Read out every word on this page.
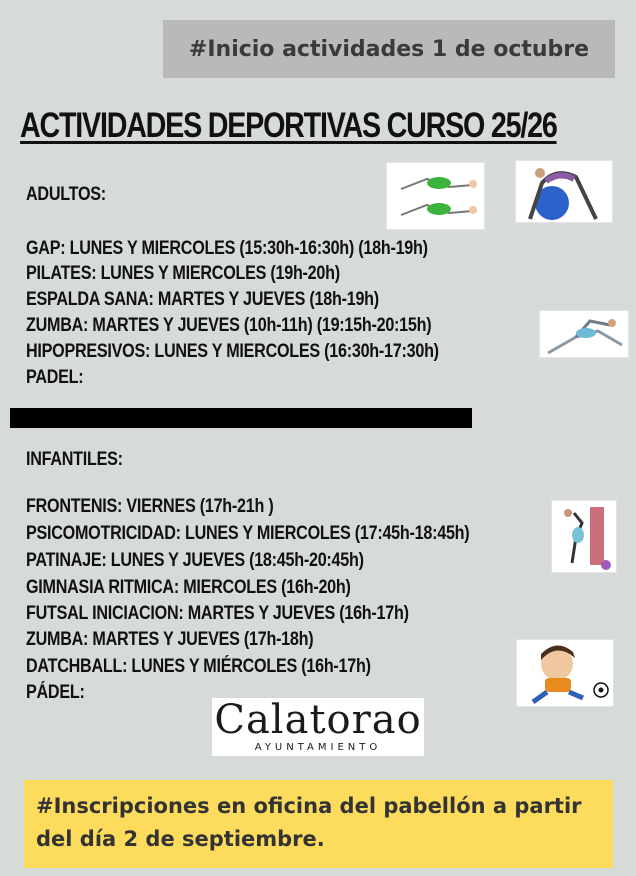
#Inicio actividades 1 de octubre
ACTIVIDADES DEPORTIVAS CURSO 25/26
ADULTOS:
GAP: LUNES Y MIERCOLES (15:30h-16:30h) (18h-19h)
PILATES: LUNES Y MIERCOLES (19h-20h)
ESPALDA SANA: MARTES Y JUEVES (18h-19h)
ZUMBA: MARTES Y JUEVES (10h-11h) (19:15h-20:15h)
HIPOPRESIVOS: LUNES Y MIERCOLES (16:30h-17:30h)
PADEL:
INFANTILES:
FRONTENIS: VIERNES (17h-21h )
PSICOMOTRICIDAD: LUNES Y MIERCOLES (17:45h-18:45h)
PATINAJE: LUNES Y JUEVES (18:45h-20:45h)
GIMNASIA RITMICA: MIERCOLES (16h-20h)
FUTSAL INICIACION: MARTES Y JUEVES (16h-17h)
ZUMBA: MARTES Y JUEVES (17h-18h)
DATCHBALL: LUNES Y MIÉRCOLES (16h-17h)
PÁDEL:
Calatorao
AYUNTAMIENTO
#Inscripciones en oficina del pabellón a partir del día 2 de septiembre.
